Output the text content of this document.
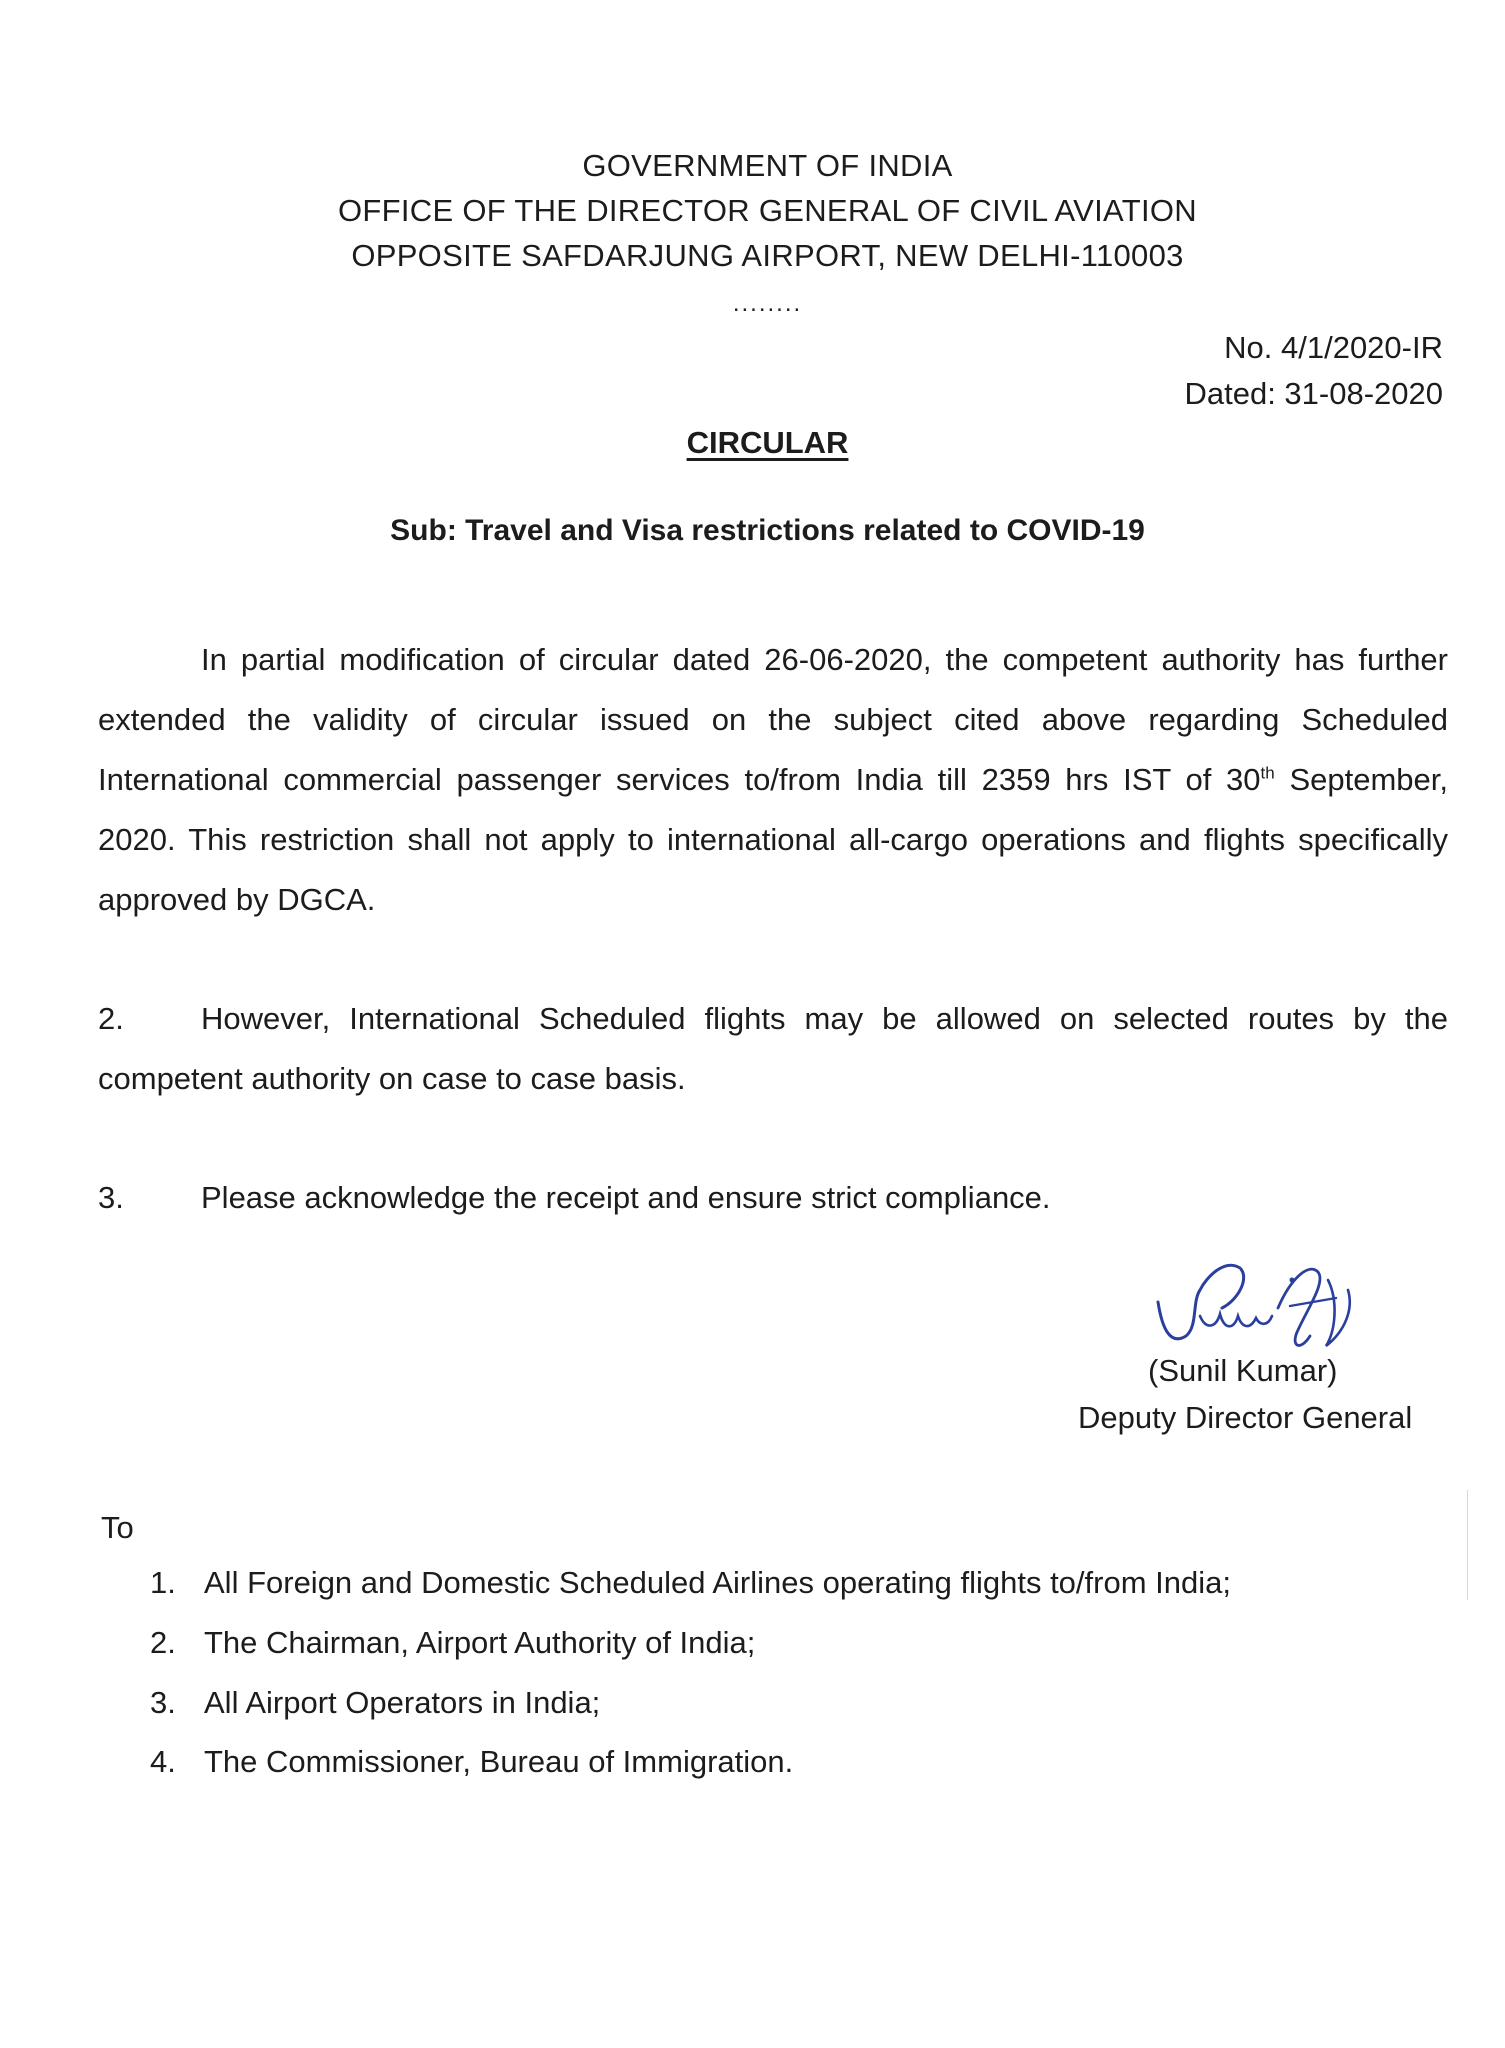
GOVERNMENT OF INDIA
OFFICE OF THE DIRECTOR GENERAL OF CIVIL AVIATION
OPPOSITE SAFDARJUNG AIRPORT, NEW DELHI-110003
........
No. 4/1/2020-IR
Dated: 31-08-2020
CIRCULAR
Sub: Travel and Visa restrictions related to COVID-19
In partial modification of circular dated 26-06-2020, the competent authority has further extended the validity of circular issued on the subject cited above regarding Scheduled International commercial passenger services to/from India till 2359 hrs IST of 30th September, 2020. This restriction shall not apply to international all-cargo operations and flights specifically approved by DGCA.
2. However, International Scheduled flights may be allowed on selected routes by the competent authority on case to case basis.
3. Please acknowledge the receipt and ensure strict compliance.
(Sunil Kumar)
Deputy Director General
To
1. All Foreign and Domestic Scheduled Airlines operating flights to/from India;
2. The Chairman, Airport Authority of India;
3. All Airport Operators in India;
4. The Commissioner, Bureau of Immigration.
